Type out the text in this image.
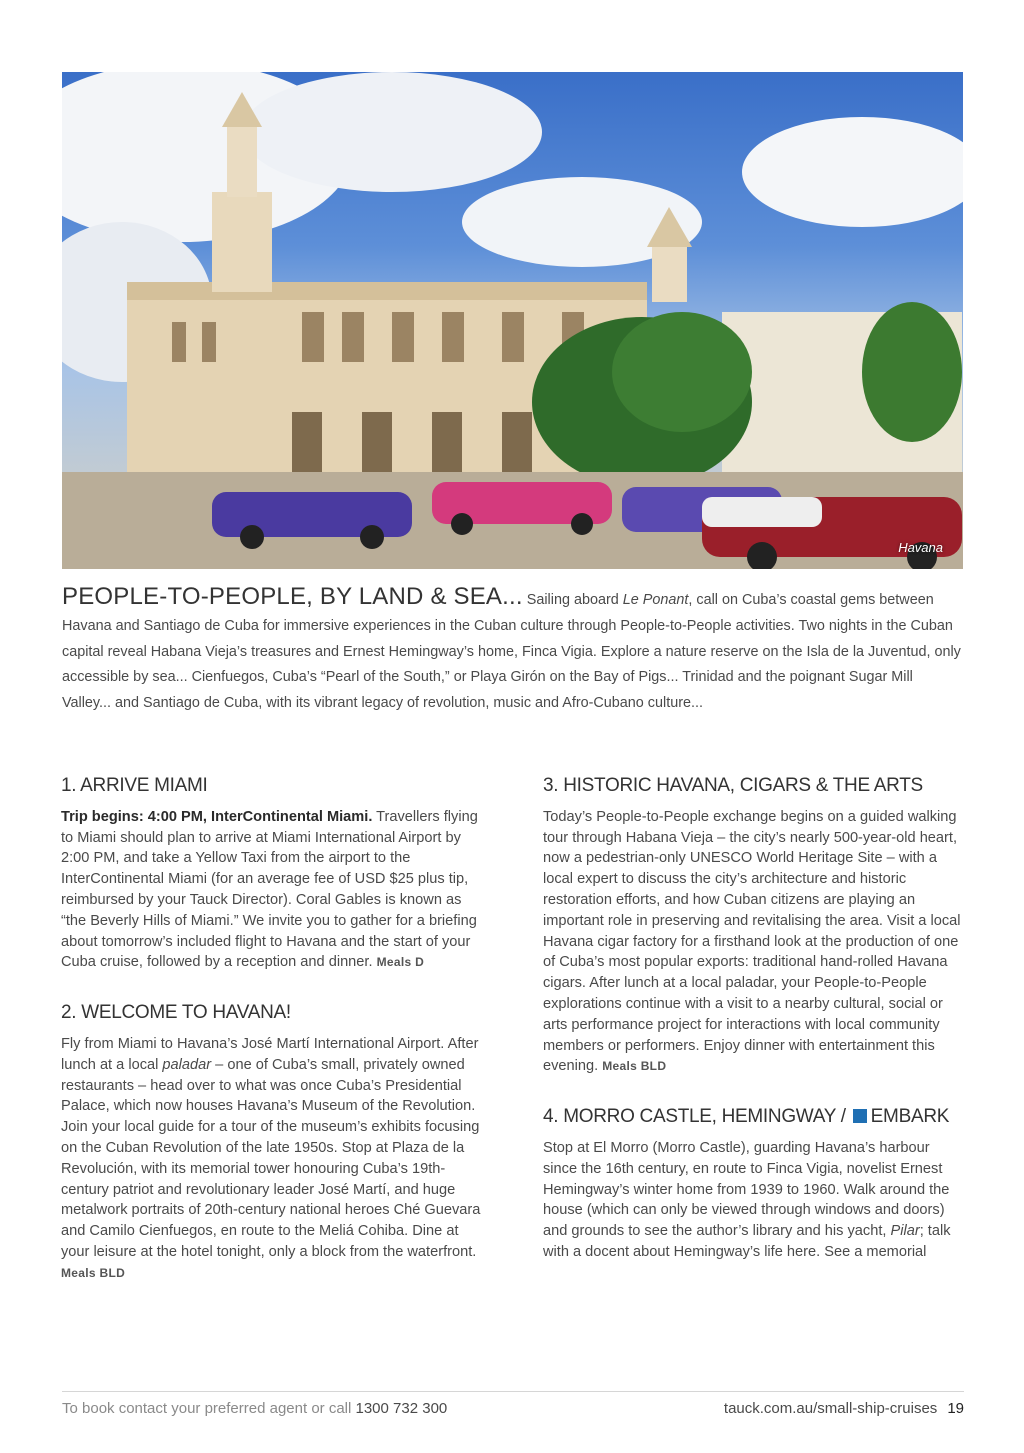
Havana
PEOPLE-TO-PEOPLE, BY LAND & SEA... Sailing aboard Le Ponant, call on Cuba’s coastal gems between Havana and Santiago de Cuba for immersive experiences in the Cuban culture through People-to-People activities. Two nights in the Cuban capital reveal Habana Vieja’s treasures and Ernest Hemingway’s home, Finca Vigia. Explore a nature reserve on the Isla de la Juventud, only accessible by sea... Cienfuegos, Cuba’s “Pearl of the South,” or Playa Girón on the Bay of Pigs... Trinidad and the poignant Sugar Mill Valley... and Santiago de Cuba, with its vibrant legacy of revolution, music and Afro-Cubano culture...
1. ARRIVE MIAMI

Trip begins: 4:00 PM, InterContinental Miami. Travellers flying to Miami should plan to arrive at Miami International Airport by 2:00 PM, and take a Yellow Taxi from the airport to the InterContinental Miami (for an average fee of USD $25 plus tip, reimbursed by your Tauck Director). Coral Gables is known as “the Beverly Hills of Miami.” We invite you to gather for a briefing about tomorrow’s included flight to Havana and the start of your Cuba cruise, followed by a reception and dinner. Meals D

2. WELCOME TO HAVANA!

Fly from Miami to Havana’s José Martí International Airport. After lunch at a local paladar – one of Cuba’s small, privately owned restaurants – head over to what was once Cuba’s Presidential Palace, which now houses Havana’s Museum of the Revolution. Join your local guide for a tour of the museum’s exhibits focusing on the Cuban Revolution of the late 1950s. Stop at Plaza de la Revolución, with its memorial tower honouring Cuba’s 19th-century patriot and revolutionary leader José Martí, and huge metalwork portraits of 20th-century national heroes Ché Guevara and Camilo Cienfuegos, en route to the Meliá Cohiba. Dine at your leisure at the hotel tonight, only a block from the waterfront. Meals BLD

3. HISTORIC HAVANA, CIGARS & THE ARTS

Today’s People-to-People exchange begins on a guided walking tour through Habana Vieja – the city’s nearly 500-year-old heart, now a pedestrian-only UNESCO World Heritage Site – with a local expert to discuss the city’s architecture and historic restoration efforts, and how Cuban citizens are playing an important role in preserving and revitalising the area. Visit a local Havana cigar factory for a firsthand look at the production of one of Cuba’s most popular exports: traditional hand-rolled Havana cigars. After lunch at a local paladar, your People-to-People explorations continue with a visit to a nearby cultural, social or arts performance project for interactions with local community members or performers. Enjoy dinner with entertainment this evening. Meals BLD

4. MORRO CASTLE, HEMINGWAY / EMBARK

Stop at El Morro (Morro Castle), guarding Havana’s harbour since the 16th century, en route to Finca Vigia, novelist Ernest Hemingway’s winter home from 1939 to 1960. Walk around the house (which can only be viewed through windows and doors) and grounds to see the author’s library and his yacht, Pilar; talk with a docent about Hemingway’s life here. See a memorial

To book contact your preferred agent or call 1300 732 300	tauck.com.au/small-ship-cruises 19
